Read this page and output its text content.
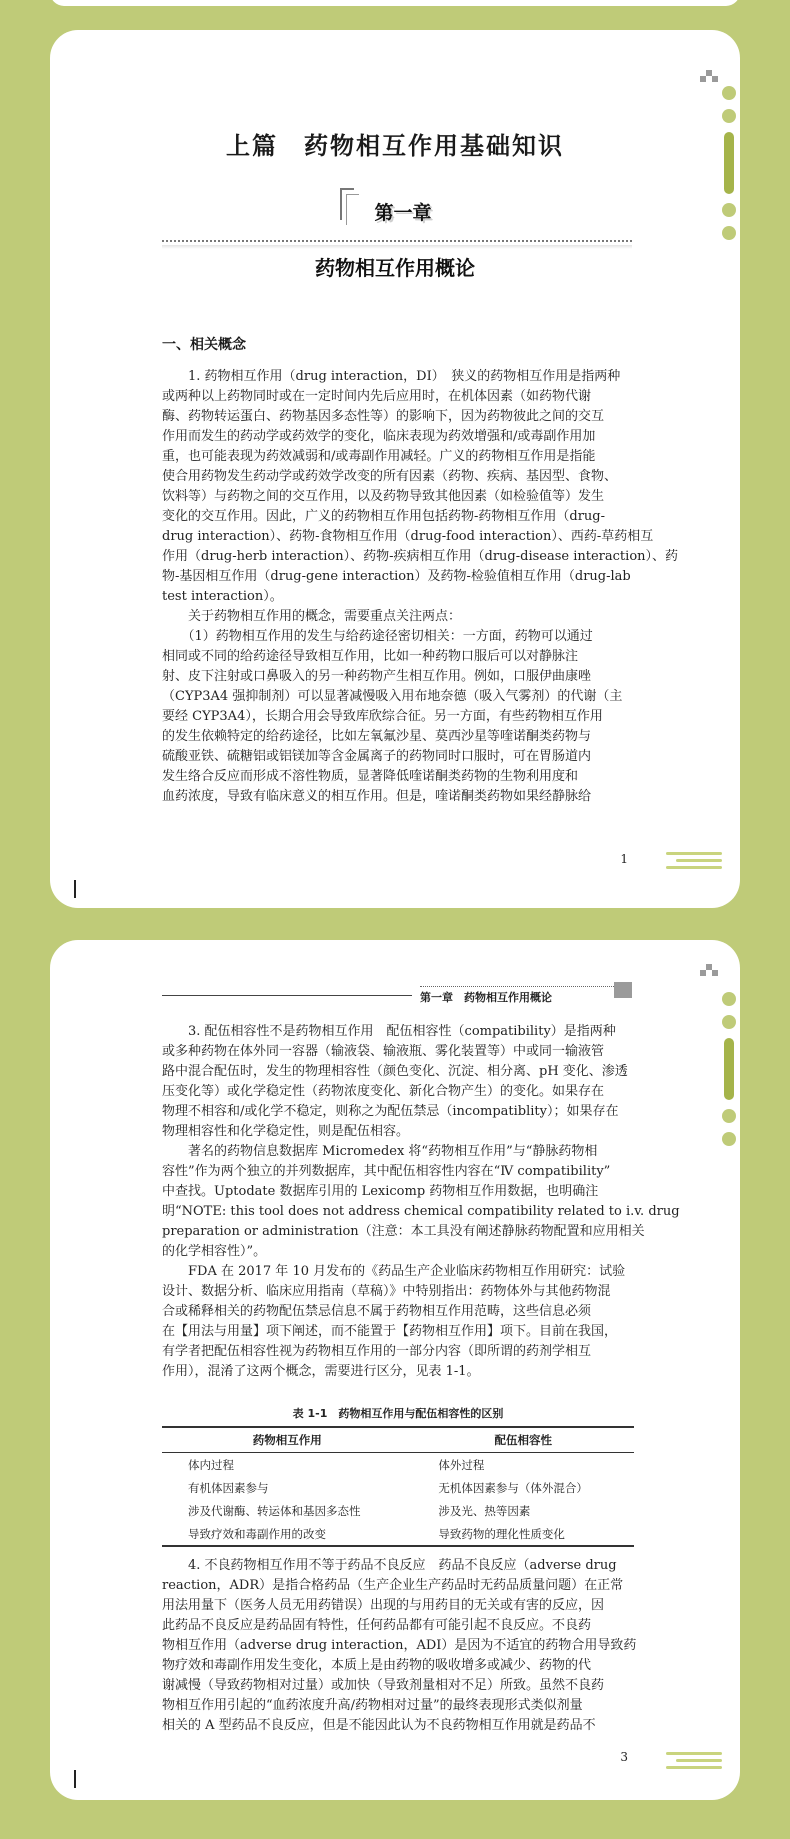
上篇　药物相互作用基础知识
第一章
药物相互作用概论
一、相关概念
　　1. 药物相互作用（drug interaction，DI）　狭义的药物相互作用是指两种
或两种以上药物同时或在一定时间内先后应用时，在机体因素（如药物代谢
酶、药物转运蛋白、药物基因多态性等）的影响下，因为药物彼此之间的交互
作用而发生的药动学或药效学的变化，临床表现为药效增强和/或毒副作用加
重，也可能表现为药效减弱和/或毒副作用减轻。广义的药物相互作用是指能
使合用药物发生药动学或药效学改变的所有因素（药物、疾病、基因型、食物、
饮料等）与药物之间的交互作用，以及药物导致其他因素（如检验值等）发生
变化的交互作用。因此，广义的药物相互作用包括药物-药物相互作用（drug-
drug interaction）、药物-食物相互作用（drug-food interaction）、西药-草药相互
作用（drug-herb interaction）、药物-疾病相互作用（drug-disease interaction）、药
物-基因相互作用（drug-gene interaction）及药物-检验值相互作用（drug-lab
test interaction）。
　　关于药物相互作用的概念，需要重点关注两点：
　　（1）药物相互作用的发生与给药途径密切相关：一方面，药物可以通过
相同或不同的给药途径导致相互作用，比如一种药物口服后可以对静脉注
射、皮下注射或口鼻吸入的另一种药物产生相互作用。例如，口服伊曲康唑
（CYP3A4 强抑制剂）可以显著减慢吸入用布地奈德（吸入气雾剂）的代谢（主
要经 CYP3A4），长期合用会导致库欣综合征。另一方面，有些药物相互作用
的发生依赖特定的给药途径，比如左氧氟沙星、莫西沙星等喹诺酮类药物与
硫酸亚铁、硫糖铝或铝镁加等含金属离子的药物同时口服时，可在胃肠道内
发生络合反应而形成不溶性物质，显著降低喹诺酮类药物的生物利用度和
血药浓度，导致有临床意义的相互作用。但是，喹诺酮类药物如果经静脉给
1
第一章　药物相互作用概论
　　3. 配伍相容性不是药物相互作用　配伍相容性（compatibility）是指两种
或多种药物在体外同一容器（输液袋、输液瓶、雾化装置等）中或同一输液管
路中混合配伍时，发生的物理相容性（颜色变化、沉淀、相分离、pH 变化、渗透
压变化等）或化学稳定性（药物浓度变化、新化合物产生）的变化。如果存在
物理不相容和/或化学不稳定，则称之为配伍禁忌（incompatiblity）；如果存在
物理相容性和化学稳定性，则是配伍相容。
　　著名的药物信息数据库 Micromedex 将“药物相互作用”与“静脉药物相
容性”作为两个独立的并列数据库，其中配伍相容性内容在“Ⅳ compatibility”
中查找。Uptodate 数据库引用的 Lexicomp 药物相互作用数据，也明确注
明“NOTE: this tool does not address chemical compatibility related to i.v. drug
preparation or administration（注意：本工具没有阐述静脉药物配置和应用相关
的化学相容性）”。
　　FDA 在 2017 年 10 月发布的《药品生产企业临床药物相互作用研究：试验
设计、数据分析、临床应用指南（草稿）》中特别指出：药物体外与其他药物混
合或稀释相关的药物配伍禁忌信息不属于药物相互作用范畴，这些信息必须
在【用法与用量】项下阐述，而不能置于【药物相互作用】项下。目前在我国，
有学者把配伍相容性视为药物相互作用的一部分内容（即所谓的药剂学相互
作用），混淆了这两个概念，需要进行区分，见表 1-1。
表 1-1　药物相互作用与配伍相容性的区别
药物相互作用	配伍相容性
体内过程	体外过程
有机体因素参与	无机体因素参与（体外混合）
涉及代谢酶、转运体和基因多态性	涉及光、热等因素
导致疗效和毒副作用的改变	导致药物的理化性质变化
　　4. 不良药物相互作用不等于药品不良反应　药品不良反应（adverse drug
reaction，ADR）是指合格药品（生产企业生产药品时无药品质量问题）在正常
用法用量下（医务人员无用药错误）出现的与用药目的无关或有害的反应，因
此药品不良反应是药品固有特性，任何药品都有可能引起不良反应。不良药
物相互作用（adverse drug interaction，ADI）是因为不适宜的药物合用导致药
物疗效和毒副作用发生变化，本质上是由药物的吸收增多或减少、药物的代
谢减慢（导致药物相对过量）或加快（导致剂量相对不足）所致。虽然不良药
物相互作用引起的“血药浓度升高/药物相对过量”的最终表现形式类似剂量
相关的 A 型药品不良反应，但是不能因此认为不良药物相互作用就是药品不
3
